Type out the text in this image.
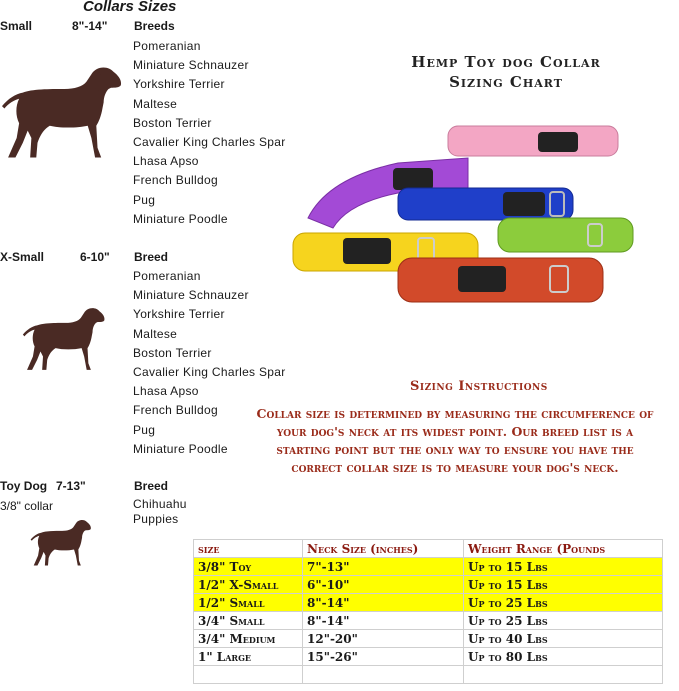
Collars Sizes
Small	8"-14" Breeds
Pomeranian
Miniature Schnauzer
Yorkshire Terrier
Maltese
Boston Terrier
Cavalier King Charles Spar
Lhasa Apso
French Bulldog
Pug
Miniature Poodle
X-Small	6-10" Breed
Pomeranian
Miniature Schnauzer
Yorkshire Terrier
Maltese
Boston Terrier
Cavalier King Charles Spar
Lhasa Apso
French Bulldog
Pug
Miniature Poodle
Toy Dog 7-13"
3/8" collar
Breed
Chihuahu
Puppies
Hemp Toy dog Collar
Sizing Chart
Sizing Instructions
Collar size is determined by measuring the circumference of your dog's neck at its widest point. Our breed list is a starting point but the only way to ensure you have the correct collar size is to measure your dog's neck.
size	Neck Size (inches)	Weight Range (Pounds
3/8" Toy	7"-13"	Up to 15 Lbs
1/2" X-Small	6"-10"	Up to 15 Lbs
1/2" Small	8"-14"	Up to 25 Lbs
3/4" Small	8"-14"	Up to 25 Lbs
3/4" Medium	12"-20"	Up to 40 Lbs
1" Large	15"-26"	Up to 80 Lbs
